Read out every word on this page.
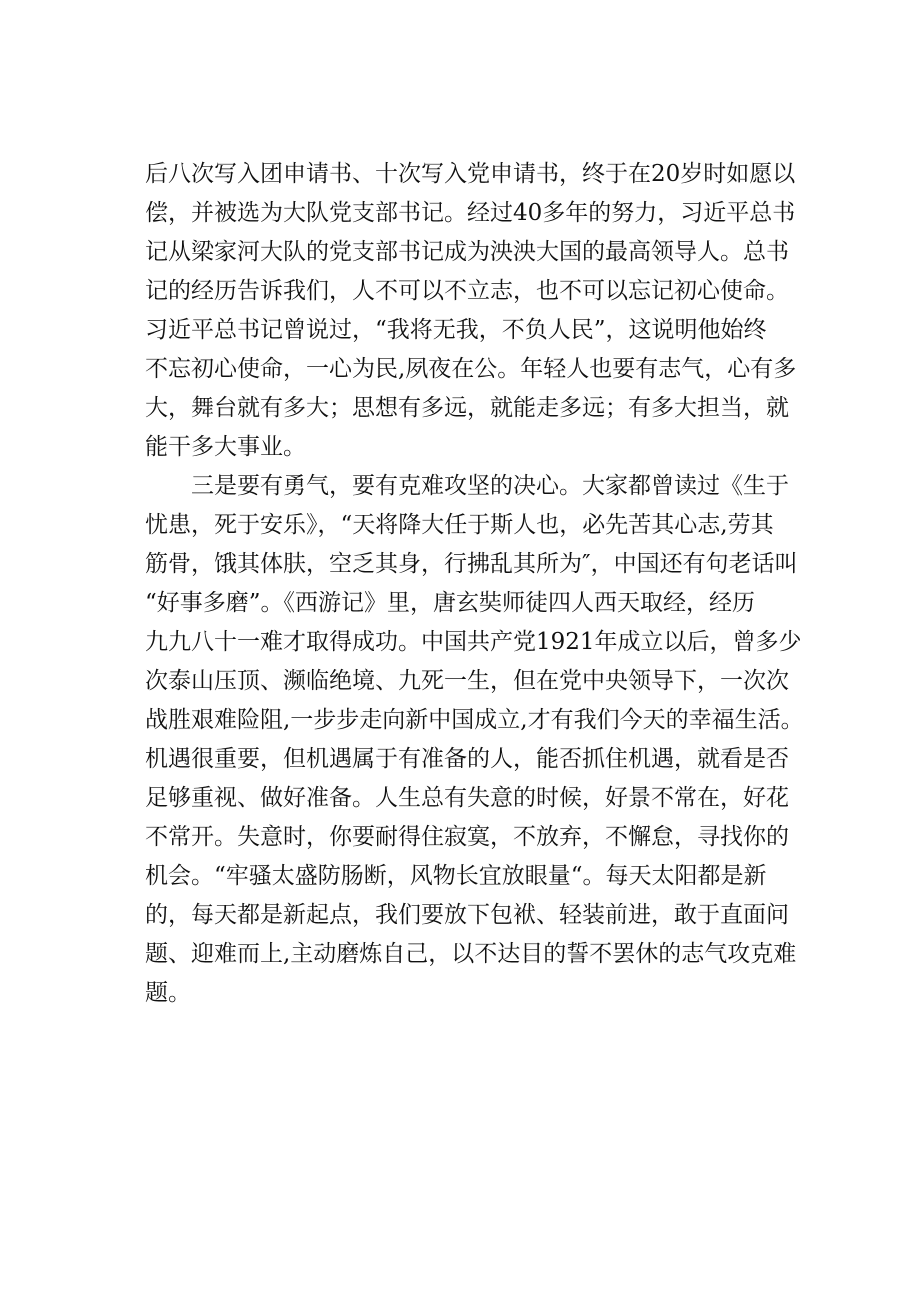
后八次写入团申请书、十次写入党申请书，终于在20岁时如愿以
偿，并被选为大队党支部书记。经过40多年的努力，习近平总书
记从梁家河大队的党支部书记成为泱泱大国的最高领导人。总书
记的经历告诉我们，人不可以不立志，也不可以忘记初心使命。
习近平总书记曾说过，“我将无我，不负人民”，这说明他始终
不忘初心使命，一心为民,夙夜在公。年轻人也要有志气，心有多
大，舞台就有多大；思想有多远，就能走多远；有多大担当，就
能干多大事业。
三是要有勇气，要有克难攻坚的决心。大家都曾读过《生于
忧患，死于安乐》，“天将降大任于斯人也，必先苦其心志,劳其
筋骨，饿其体肤，空乏其身，行拂乱其所为″，中国还有句老话叫
“好事多磨”。《西游记》里，唐玄奘师徒四人西天取经，经历
九九八十一难才取得成功。中国共产党1921年成立以后，曾多少
次泰山压顶、濒临绝境、九死一生，但在党中央领导下，一次次
战胜艰难险阻,一步步走向新中国成立,才有我们今天的幸福生活。
机遇很重要，但机遇属于有准备的人，能否抓住机遇，就看是否
足够重视、做好准备。人生总有失意的时候，好景不常在，好花
不常开。失意时，你要耐得住寂寞，不放弃，不懈怠，寻找你的
机会。“牢骚太盛防肠断，风物长宜放眼量“。每天太阳都是新
的，每天都是新起点，我们要放下包袱、轻装前进，敢于直面问
题、迎难而上,主动磨炼自己，以不达目的誓不罢休的志气攻克难
题。
